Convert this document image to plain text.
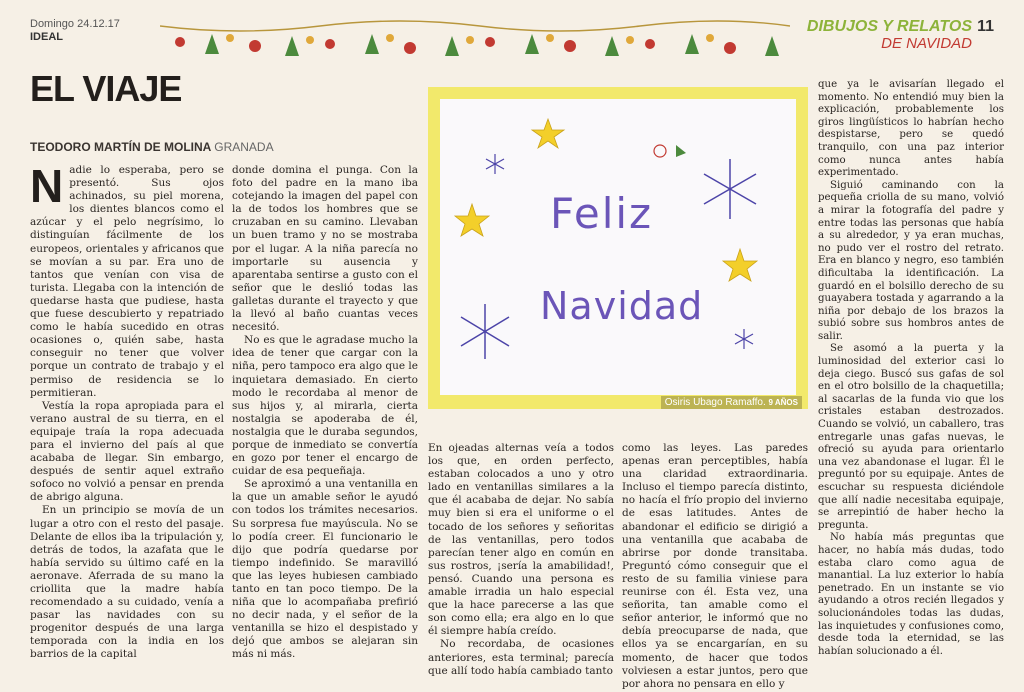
Domingo 24.12.17
IDEAL
DIBUJOS Y RELATOS
DE NAVIDAD
11
EL VIAJE
TEODORO MARTÍN DE MOLINA GRANADA

Nadie lo esperaba, pero se presentó. Sus ojos achinados, su piel morena, los dientes blancos como el azúcar y el pelo negrísimo, lo distinguían fácilmente de los europeos, orientales y africanos que se movían a su par. Era uno de tantos que venían con visa de turista. Llegaba con la intención de quedarse hasta que pudiese, hasta que fuese descubierto y repatriado como le había sucedido en otras ocasiones o, quién sabe, hasta conseguir no tener que volver porque un contrato de trabajo y el permiso de residencia se lo permitieran.

Vestía la ropa apropiada para el verano austral de su tierra, en el equipaje traía la ropa adecuada para el invierno del país al que acababa de llegar. Sin embargo, después de sentir aquel extraño sofoco no volvió a pensar en prenda de abrigo alguna.

En un principio se movía de un lugar a otro con el resto del pasaje. Delante de ellos iba la tripulación y, detrás de todos, la azafata que le había servido su último café en la aeronave. Aferrada de su mano la criollita que la madre había recomendado a su cuidado, venía a pasar las navidades con su progenitor después de una larga temporada con la india en los barrios de la capital

donde domina el punga. Con la foto del padre en la mano iba cotejando la imagen del papel con la de todos los hombres que se cruzaban en su camino. Llevaban un buen tramo y no se mostraba por el lugar. A la niña parecía no importarle su ausencia y aparentaba sentirse a gusto con el señor que le deslió todas las galletas durante el trayecto y que la llevó al baño cuantas veces necesitó.

No es que le agradase mucho la idea de tener que cargar con la niña, pero tampoco era algo que le inquietara demasiado. En cierto modo le recordaba al menor de sus hijos y, al mirarla, cierta nostalgia se apoderaba de él, nostalgia que le duraba segundos, porque de inmediato se convertía en gozo por tener el encargo de cuidar de esa pequeñaja.

Se aproximó a una ventanilla en la que un amable señor le ayudó con todos los trámites necesarios. Su sorpresa fue mayúscula. No se lo podía creer. El funcionario le dijo que podría quedarse por tiempo indefinido. Se maravilló que las leyes hubiesen cambiado tanto en tan poco tiempo. De la niña que lo acompañaba prefirió no decir nada, y el señor de la ventanilla se hizo el despistado y dejó que ambos se alejaran sin más ni más.

Feliz
Navidad
Osiris Ubago Ramaffo. 9 AÑOS

En ojeadas alternas veía a todos los que, en orden perfecto, estaban colocados a uno y otro lado en ventanillas similares a la que él acababa de dejar. No sabía muy bien si era el uniforme o el tocado de los señores y señoritas de las ventanillas, pero todos parecían tener algo en común en sus rostros, ¡sería la amabilidad!, pensó. Cuando una persona es amable irradia un halo especial que la hace parecerse a las que son como ella; era algo en lo que él siempre había creído.

No recordaba, de ocasiones anteriores, esta terminal; parecía que allí todo había cambiado tanto

como las leyes. Las paredes apenas eran perceptibles, había una claridad extraordinaria. Incluso el tiempo parecía distinto, no hacía el frío propio del invierno de esas latitudes. Antes de abandonar el edificio se dirigió a una ventanilla que acababa de abrirse por donde transitaba. Preguntó cómo conseguir que el resto de su familia viniese para reunirse con él. Esta vez, una señorita, tan amable como el señor anterior, le informó que no debía preocuparse de nada, que ellos ya se encargarían, en su momento, de hacer que todos volviesen a estar juntos, pero que por ahora no pensara en ello y

que ya le avisarían llegado el momento. No entendió muy bien la explicación, probablemente los giros lingüísticos lo habrían hecho despistarse, pero se quedó tranquilo, con una paz interior como nunca antes había experimentado.

Siguió caminando con la pequeña criolla de su mano, volvió a mirar la fotografía del padre y entre todas las personas que había a su alrededor, y ya eran muchas, no pudo ver el rostro del retrato. Era en blanco y negro, eso también dificultaba la identificación. La guardó en el bolsillo derecho de su guayabera tostada y agarrando a la niña por debajo de los brazos la subió sobre sus hombros antes de salir.

Se asomó a la puerta y la luminosidad del exterior casi lo deja ciego. Buscó sus gafas de sol en el otro bolsillo de la chaquetilla; al sacarlas de la funda vio que los cristales estaban destrozados. Cuando se volvió, un caballero, tras entregarle unas gafas nuevas, le ofreció su ayuda para orientarlo una vez abandonase el lugar. Él le preguntó por su equipaje. Antes de escuchar su respuesta diciéndole que allí nadie necesitaba equipaje, se arrepintió de haber hecho la pregunta.

No había más preguntas que hacer, no había más dudas, todo estaba claro como agua de manantial. La luz exterior lo había penetrado. En un instante se vio ayudando a otros recién llegados y solucionándoles todas las dudas, las inquietudes y confusiones como, desde toda la eternidad, se las habían solucionado a él.
